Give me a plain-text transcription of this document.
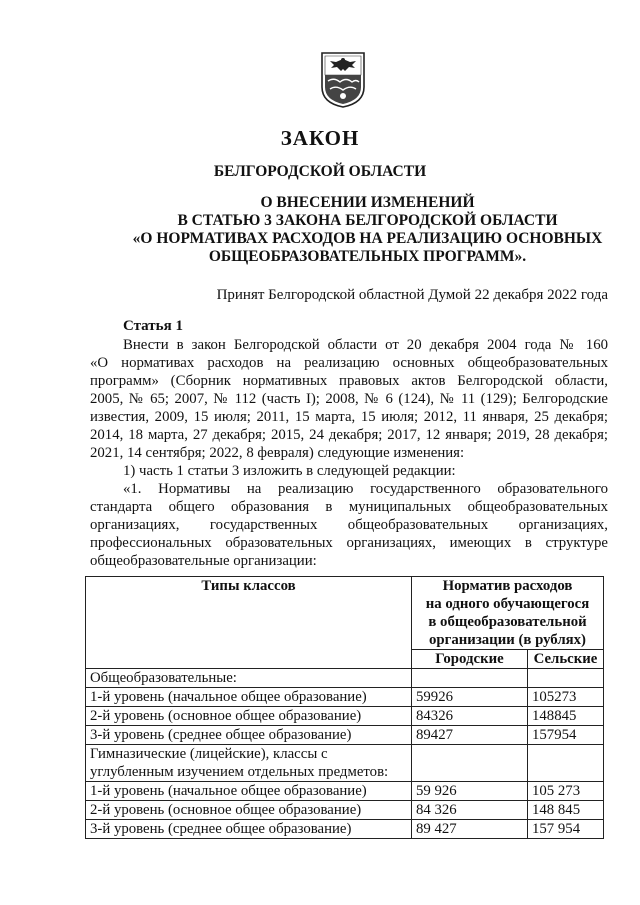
ЗАКОН
БЕЛГОРОДСКОЙ ОБЛАСТИ
О ВНЕСЕНИИ ИЗМЕНЕНИЙ
В СТАТЬЮ 3 ЗАКОНА БЕЛГОРОДСКОЙ ОБЛАСТИ
«О НОРМАТИВАХ РАСХОДОВ НА РЕАЛИЗАЦИЮ ОСНОВНЫХ
ОБЩЕОБРАЗОВАТЕЛЬНЫХ ПРОГРАММ».
Принят Белгородской областной Думой 22 декабря 2022 года
Статья 1
Внести в закон Белгородской области от 20 декабря 2004 года № 160
«О нормативах расходов на реализацию основных общеобразовательных
программ» (Сборник нормативных правовых актов Белгородской области,
2005, № 65; 2007, № 112 (часть I); 2008, № 6 (124), № 11 (129); Белгородские
известия, 2009, 15 июля; 2011, 15 марта, 15 июля; 2012, 11 января, 25 декабря;
2014, 18 марта, 27 декабря; 2015, 24 декабря; 2017, 12 января; 2019, 28 декабря;
2021, 14 сентября; 2022, 8 февраля) следующие изменения:
1) часть 1 статьи 3 изложить в следующей редакции:
«1. Нормативы на реализацию государственного образовательного
стандарта общего образования в муниципальных общеобразовательных
организациях, государственных общеобразовательных организациях,
профессиональных образовательных организациях, имеющих в структуре
общеобразовательные организации:
Типы классов	Норматив расходов
на одного обучающегося
в общеобразовательной
организации (в рублях)	

	Городские	Сельские
Общеобразовательные:		
1-й уровень (начальное общее образование)	59926	105273
2-й уровень (основное общее образование)	84326	148845
3-й уровень (среднее общее образование)	89427	157954

Гимназические (лицейские), классы с
углубленным изучением отдельных предметов:		

1-й уровень (начальное общее образование)	59 926	105 273
2-й уровень (основное общее образование)	84 326	148 845
3-й уровень (среднее общее образование)	89 427	157 954
